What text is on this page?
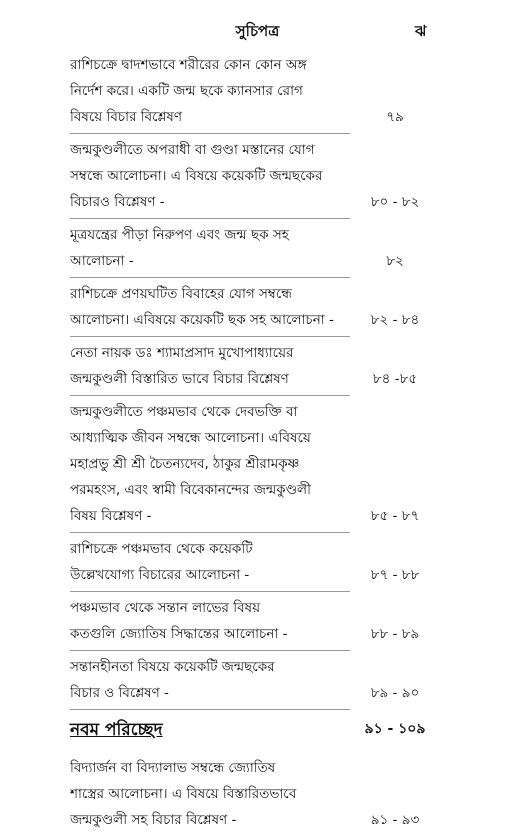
সুচিপত্র	ঝ
রাশিচক্রে দ্বাদশভাবে শরীরের কোন কোন অঙ্গ
নির্দেশ করে। একটি জন্ম ছকে ক্যানসার রোগ
বিষয়ে বিচার বিশ্লেষণ	৭৯
জন্মকুণ্ডলীতে অপরাধী বা গুণ্ডা মস্তানের যোগ
সম্বন্ধে আলোচনা। এ বিষয়ে কয়েকটি জন্মছকের
বিচারও বিশ্লেষণ -	৮০ - ৮২
মূত্রযন্ত্রের পীড়া নিরুপণ এবং জন্ম ছক সহ
আলোচনা -	৮২
রাশিচক্রে প্রণয়ঘটিত বিবাহের যোগ সম্বন্ধে
আলোচনা। এবিষয়ে কয়েকটি ছক সহ আলোচনা -	৮২ - ৮৪
নেতা নায়ক ডঃ শ্যামাপ্রসাদ মুখোপাধ্যায়ের
জন্মকুণ্ডলী বিস্তারিত ভাবে বিচার বিশ্লেষণ	৮৪ -৮৫
জন্মকুণ্ডলীতে পঞ্চমভাব থেকে দেবভক্তি বা
আধ্যাত্মিক জীবন সম্বন্ধে আলোচনা। এবিষয়ে
মহাপ্রভু শ্রী শ্রী চৈতন্যদেব, ঠাকুর শ্রীরামকৃষ্ণ
পরমহংস, এবং স্বামী বিবেকানন্দের জন্মকুণ্ডলী
বিষয় বিশ্লেষণ -	৮৫ - ৮৭
রাশিচক্রে পঞ্চমভাব থেকে কয়েকটি
উল্লেখযোগ্য বিচারের আলোচনা -	৮৭ - ৮৮
পঞ্চমভাব থেকে সন্তান লাভের বিষয়
কতগুলি জ্যোতিষ সিদ্ধান্তের আলোচনা -	৮৮ - ৮৯
সন্তানহীনতা বিষয়ে কয়েকটি জন্মছকের
বিচার ও বিশ্লেষণ -	৮৯ - ৯০
নবম পরিচ্ছেদ	৯১ - ১০৯
বিদ্যার্জন বা বিদ্যালাভ সম্বন্ধে জ্যোতিষ
শাস্ত্রের আলোচনা। এ বিষয়ে বিস্তারিতভাবে
জন্মকুণ্ডলী সহ বিচার বিশ্লেষণ -	৯১ - ৯৩
